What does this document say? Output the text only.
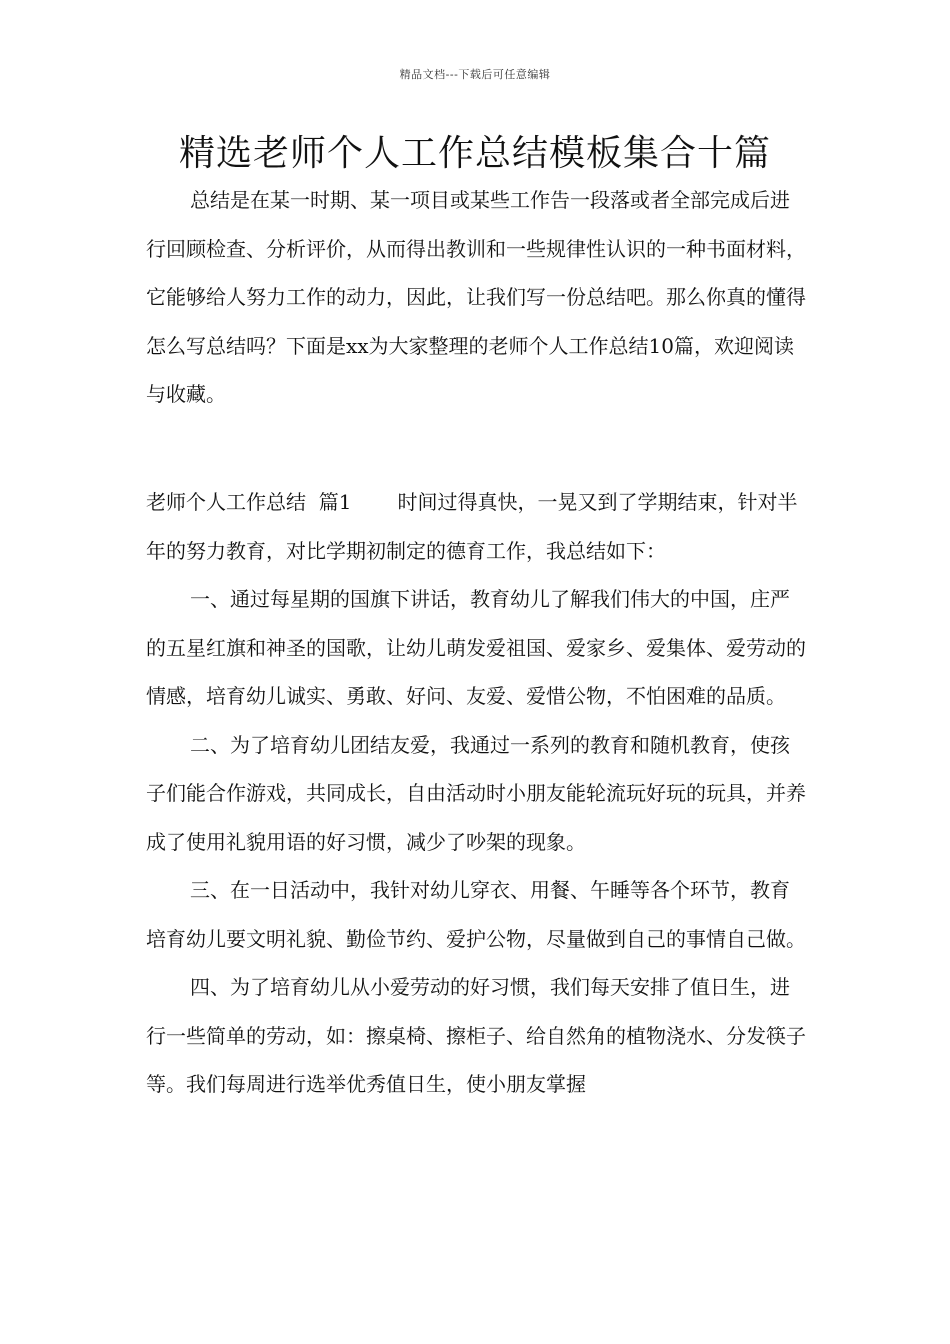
精品文档---下载后可任意编辑
精选老师个人工作总结模板集合十篇

总结是在某一时期、某一项目或某些工作告一段落或者全部完成后进行回顾检查、分析评价，从而得出教训和一些规律性认识的一种书面材料，它能够给人努力工作的动力，因此，让我们写一份总结吧。那么你真的懂得怎么写总结吗？下面是xx为大家整理的老师个人工作总结10篇，欢迎阅读与收藏。

老师个人工作总结  篇1 时间过得真快，一晃又到了学期结束，针对半年的努力教育，对比学期初制定的德育工作，我总结如下：

一、通过每星期的国旗下讲话，教育幼儿了解我们伟大的中国，庄严的五星红旗和神圣的国歌，让幼儿萌发爱祖国、爱家乡、爱集体、爱劳动的情感，培育幼儿诚实、勇敢、好问、友爱、爱惜公物，不怕困难的品质。

二、为了培育幼儿团结友爱，我通过一系列的教育和随机教育，使孩子们能合作游戏，共同成长，自由活动时小朋友能轮流玩好玩的玩具，并养成了使用礼貌用语的好习惯，减少了吵架的现象。

三、在一日活动中，我针对幼儿穿衣、用餐、午睡等各个环节，教育培育幼儿要文明礼貌、勤俭节约、爱护公物，尽量做到自己的事情自己做。

四、为了培育幼儿从小爱劳动的好习惯，我们每天安排了值日生，进行一些简单的劳动，如：擦桌椅、擦柜子、给自然角的植物浇水、分发筷子等。我们每周进行选举优秀值日生，使小朋友掌握
